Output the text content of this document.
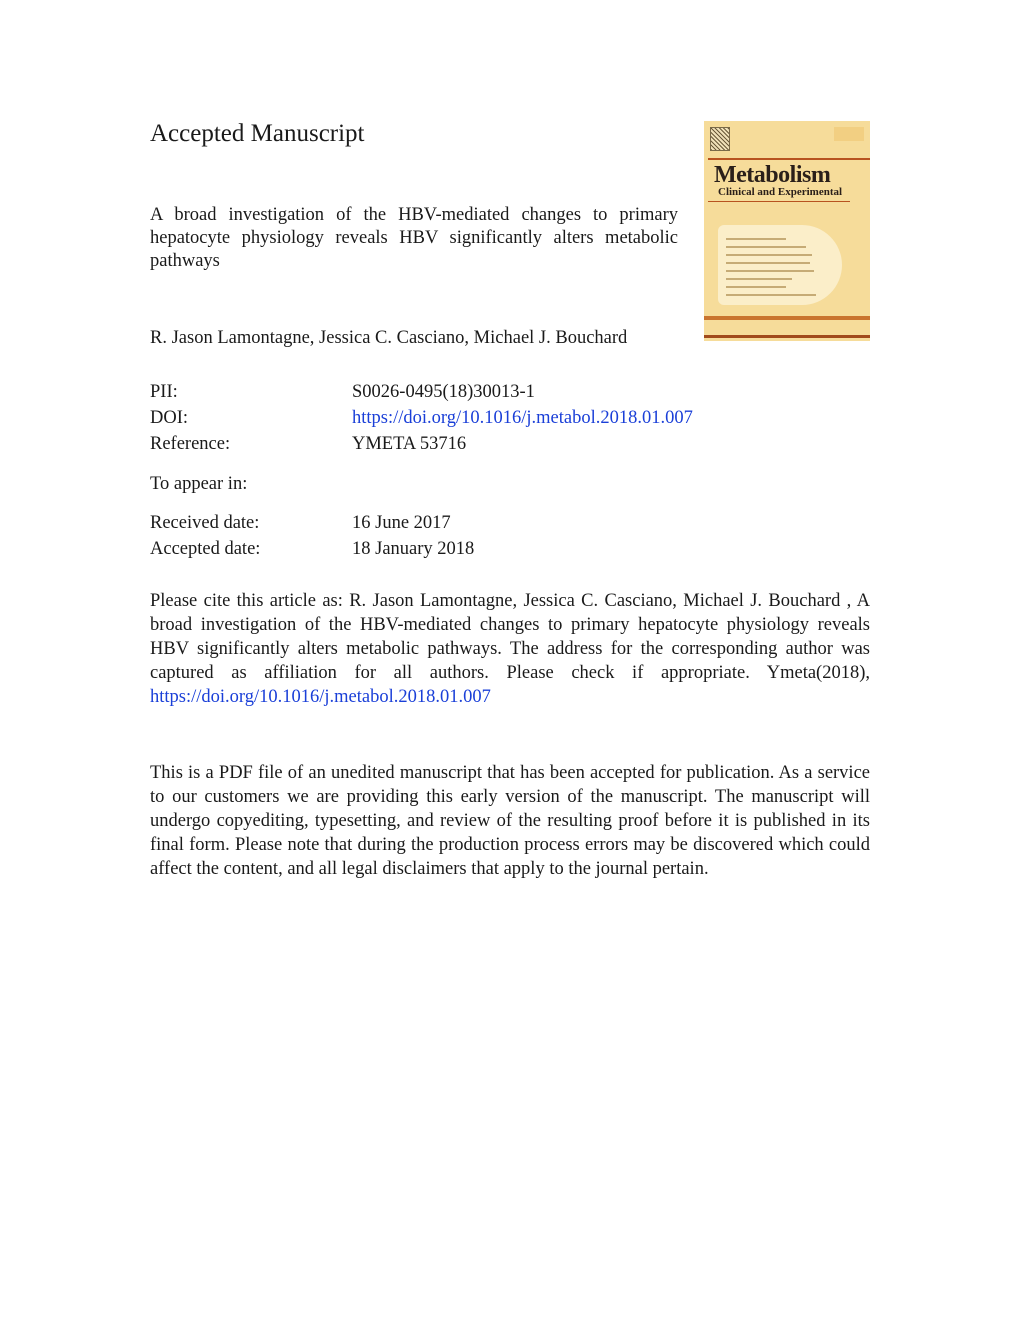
Accepted Manuscript

A broad investigation of the HBV-mediated changes to primary hepatocyte physiology reveals HBV significantly alters metabolic pathways

R. Jason Lamontagne, Jessica C. Casciano, Michael J. Bouchard

PII:	S0026-0495(18)30013-1
DOI:	https://doi.org/10.1016/j.metabol.2018.01.007
Reference:	YMETA 53716
To appear in:
Received date:	16 June 2017
Accepted date:	18 January 2018

Please cite this article as: R. Jason Lamontagne, Jessica C. Casciano, Michael J. Bouchard , A broad investigation of the HBV-mediated changes to primary hepatocyte physiology reveals HBV significantly alters metabolic pathways. The address for the corresponding author was captured as affiliation for all authors. Please check if appropriate. Ymeta(2018), https://doi.org/10.1016/j.metabol.2018.01.007

This is a PDF file of an unedited manuscript that has been accepted for publication. As a service to our customers we are providing this early version of the manuscript. The manuscript will undergo copyediting, typesetting, and review of the resulting proof before it is published in its final form. Please note that during the production process errors may be discovered which could affect the content, and all legal disclaimers that apply to the journal pertain.

Metabolism
Clinical and Experimental
